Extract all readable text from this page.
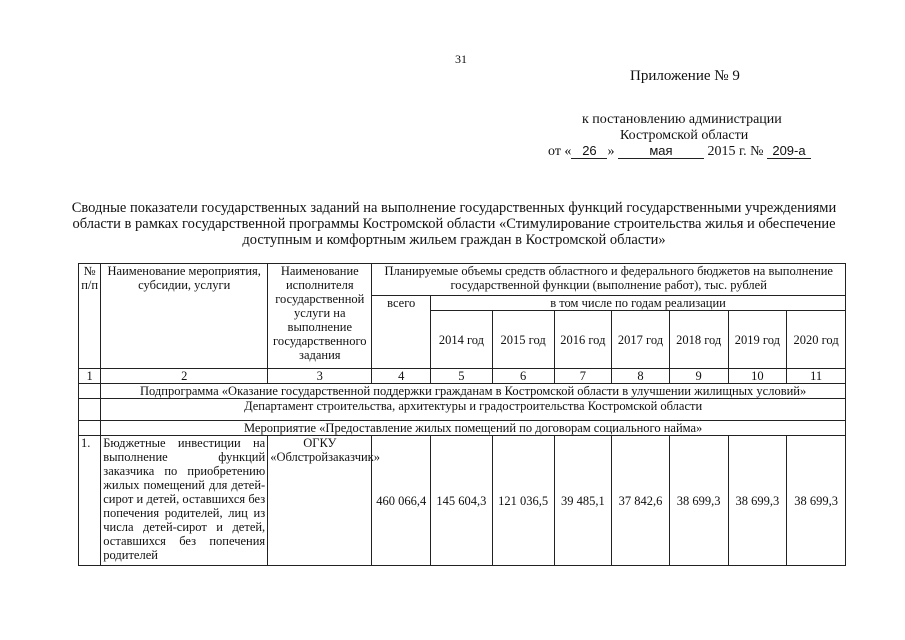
31
Приложение № 9
к постановлению администрации
Костромской области
от « 26 »	мая 2015 г. № 209-а
Сводные показатели государственных заданий на выполнение государственных функций государственными учреждениями области в рамках государственной программы Костромской области «Стимулирование строительства жилья и обеспечение доступным и комфортным жильем граждан в Костромской области»
№ п/п	Наименование мероприятия, субсидии, услуги	Наименование исполнителя государственной услуги на выполнение государственного задания	Планируемые объемы средств областного и федерального бюджетов на выполнение государственной функции (выполнение работ), тыс. рублей							
			всего	в том числе по годам реализации						
				2014 год	2015 год	2016 год	2017 год	2018 год	2019 год	2020 год
1	2	3	4	5	6	7	8	9	10	11
	Подпрограмма «Оказание государственной поддержки гражданам в Костромской области в улучшении жилищных условий»									
	Департамент строительства, архитектуры и градостроительства Костромской области									
	Мероприятие «Предоставление жилых помещений по договорам социального найма»									
1.	Бюджетные инвестиции на выполнение функций заказчика по приобретению жилых помещений для детей-сирот и детей, оставшихся без попечения родителей, лиц из числа детей-сирот и детей, оставшихся без попечения родителей	ОГКУ «Облстройзаказчик»	460 066,4	145 604,3	121 036,5	39 485,1	37 842,6	38 699,3	38 699,3	38 699,3
